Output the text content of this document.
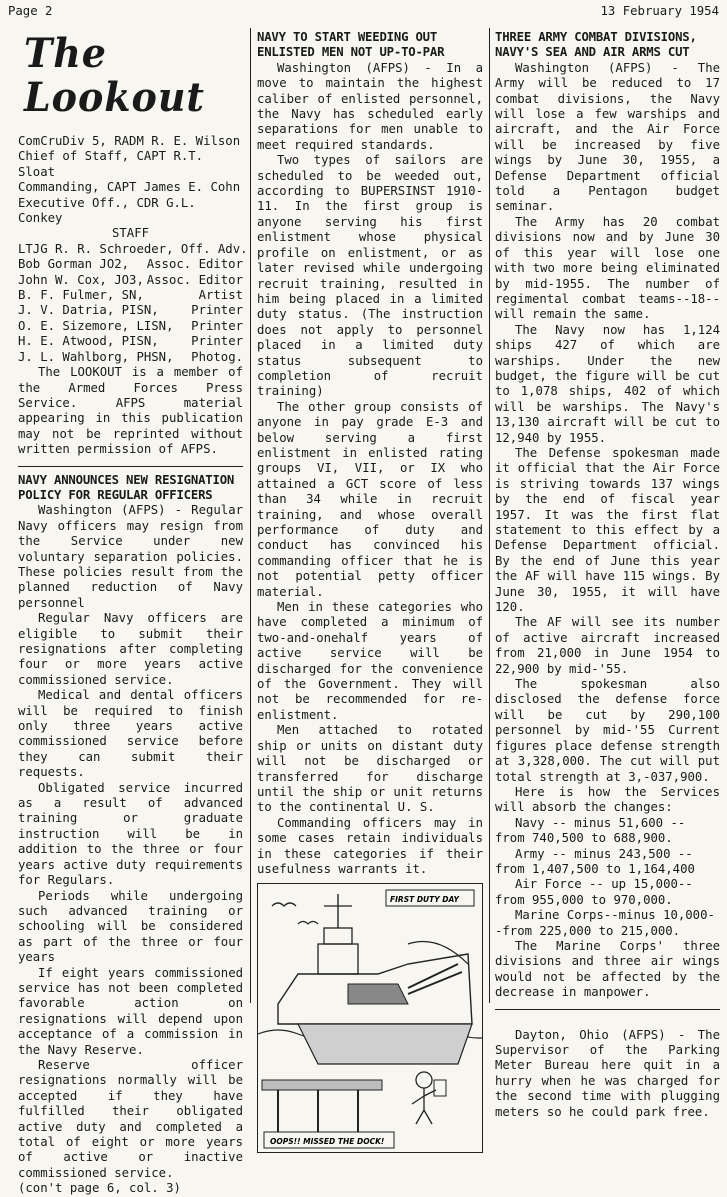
Page 2	13 February 1954
The Lookout

ComCruDiv 5, RADM R. E. Wilson

Chief of Staff, CAPT R.T. Sloat

Commanding, CAPT James E. Cohn

Executive Off., CDR G.L. Conkey

STAFF

LTJG R. R. Schroeder, Off. Adv.
Bob Gorman JO2, Assoc. Editor
John W. Cox, JO3, Assoc. Editor
B. F. Fulmer, SN,	Artist
J. V. Datria, PISN,	Printer
O. E. Sizemore, LISN, Printer
H. E. Atwood, PISN,	Printer
J. L. Wahlborg, PHSN, Photog.

The LOOKOUT is a member of the Armed Forces Press Service. AFPS material appearing in this publication may not be reprinted without written permission of AFPS.

NAVY ANNOUNCES NEW RESIGNATION POLICY FOR REGULAR OFFICERS

Washington (AFPS) - Regular Navy officers may resign from the Service under new voluntary separation policies. These policies result from the planned reduction of Navy personnel

Regular Navy officers are eligible to submit their resignations after completing four or more years active commissioned service.

Medical and dental officers will be required to finish only three years active commissioned service before they can submit their requests.

Obligated service incurred as a result of advanced training or graduate instruction will be in addition to the three or four years active duty requirements for Regulars.

Periods while undergoing such advanced training or schooling will be considered as part of the three or four years

If eight years commissioned service has not been completed favorable action on resignations will depend upon acceptance of a commission in the Navy Reserve.

Reserve officer resignations normally will be accepted if they have fulfilled their obligated active duty and completed a total of eight or more years of active or inactive commissioned service.

(con't page 6, col. 3)

NAVY TO START WEEDING OUT ENLISTED MEN NOT UP-TO-PAR

Washington (AFPS) - In a move to maintain the highest caliber of enlisted personnel, the Navy has scheduled early separations for men unable to meet required standards.

Two types of sailors are scheduled to be weeded out, according to BUPERSINST 1910-11. In the first group is anyone serving his first enlistment whose physical profile on enlistment, or as later revised while undergoing recruit training, resulted in him being placed in a limited duty status. (The instruction does not apply to personnel placed in a limited duty status subsequent to completion of recruit training)

The other group consists of anyone in pay grade E-3 and below serving a first enlistment in enlisted rating groups VI, VII, or IX who attained a GCT score of less than 34 while in recruit training, and whose overall performance of duty and conduct has convinced his commanding officer that he is not potential petty officer material.

Men in these categories who have completed a minimum of two-and-onehalf years of active service will be discharged for the convenience of the Government. They will not be recommended for re-enlistment.

Men attached to rotated ship or units on distant duty will not be discharged or transferred for discharge until the ship or unit returns to the continental U. S.

Commanding officers may in some cases retain individuals in these categories if their usefulness warrants it.

FIRST DUTY DAY
OOPS!! MISSED THE DOCK!

THREE ARMY COMBAT DIVISIONS, NAVY'S SEA AND AIR ARMS CUT

Washington (AFPS) - The Army will be reduced to 17 combat divisions, the Navy will lose a few warships and aircraft, and the Air Force will be increased by five wings by June 30, 1955, a Defense Department official told a Pentagon budget seminar.

The Army has 20 combat divisions now and by June 30 of this year will lose one with two more being eliminated by mid-1955. The number of regimental combat teams--18--will remain the same.

The Navy now has 1,124 ships 427 of which are warships. Under the new budget, the figure will be cut to 1,078 ships, 402 of which will be warships. The Navy's 13,130 aircraft will be cut to 12,940 by 1955.

The Defense spokesman made it official that the Air Force is striving towards 137 wings by the end of fiscal year 1957. It was the first flat statement to this effect by a Defense Department official. By the end of June this year the AF will have 115 wings. By June 30, 1955, it will have 120.

The AF will see its number of active aircraft increased from 21,000 in June 1954 to 22,900 by mid-'55.

The spokesman also disclosed the defense force will be cut by 290,100 personnel by mid-'55 Current figures place defense strength at 3,328,000. The cut will put total strength at 3,-037,900.

Here is how the Services will absorb the changes:

Navy -- minus 51,600 -- from 740,500 to 688,900.

Army -- minus 243,500 --from 1,407,500 to 1,164,400

Air Force -- up 15,000--from 955,000 to 970,000.

Marine Corps--minus 10,000--from 225,000 to 215,000.

The Marine Corps' three divisions and three air wings would not be affected by the decrease in manpower.

Dayton, Ohio (AFPS) - The Supervisor of the Parking Meter Bureau here quit in a hurry when he was charged for the second time with plugging meters so he could park free.
